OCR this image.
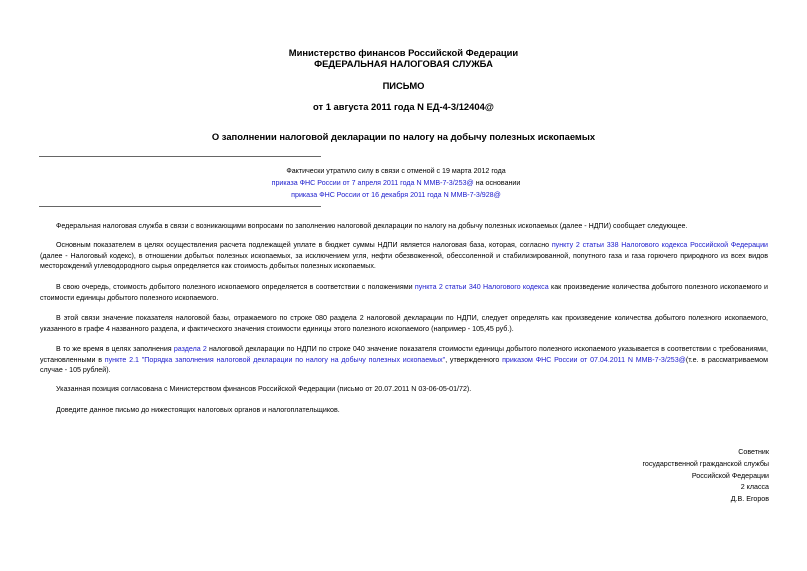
Министерство финансов Российской Федерации
ФЕДЕРАЛЬНАЯ НАЛОГОВАЯ СЛУЖБА
ПИСЬМО
от 1 августа 2011 года N ЕД-4-3/12404@
О заполнении налоговой декларации по налогу на добычу полезных ископаемых
Фактически утратило силу в связи с отменой с 19 марта 2012 года
приказа ФНС России от 7 апреля 2011 года N ММВ-7-3/253@ на основании
приказа ФНС России от 16 декабря 2011 года N ММВ-7-3/928@
Федеральная налоговая служба в связи с возникающими вопросами по заполнению налоговой декларации по налогу на добычу полезных ископаемых (далее - НДПИ) сообщает следующее.
Основным показателем в целях осуществления расчета подлежащей уплате в бюджет суммы НДПИ является налоговая база, которая, согласно пункту 2 статьи 338 Налогового кодекса Российской Федерации (далее - Налоговый кодекс), в отношении добытых полезных ископаемых, за исключением угля, нефти обезвоженной, обессоленной и стабилизированной, попутного газа и газа горючего природного из всех видов месторождений углеводородного сырья определяется как стоимость добытых полезных ископаемых.
В свою очередь, стоимость добытого полезного ископаемого определяется в соответствии с положениями пункта 2 статьи 340 Налогового кодекса как произведение количества добытого полезного ископаемого и стоимости единицы добытого полезного ископаемого.
В этой связи значение показателя налоговой базы, отражаемого по строке 080 раздела 2 налоговой декларации по НДПИ, следует определять как произведение количества добытого полезного ископаемого, указанного в графе 4 названного раздела, и фактического значения стоимости единицы этого полезного ископаемого (например - 105,45 руб.).
В то же время в целях заполнения раздела 2 налоговой декларации по НДПИ по строке 040 значение показателя стоимости единицы добытого полезного ископаемого указывается в соответствии с требованиями, установленными в пункте 2.1 "Порядка заполнения налоговой декларации по налогу на добычу полезных ископаемых", утвержденного приказом ФНС России от 07.04.2011 N ММВ-7-3/253@(т.е. в рассматриваемом случае - 105 рублей).
Указанная позиция согласована с Министерством финансов Российской Федерации (письмо от 20.07.2011 N 03-06-05-01/72).
Доведите данное письмо до нижестоящих налоговых органов и налогоплательщиков.
Советник
государственной гражданской службы
Российской Федерации
2 класса
Д.В. Егоров
